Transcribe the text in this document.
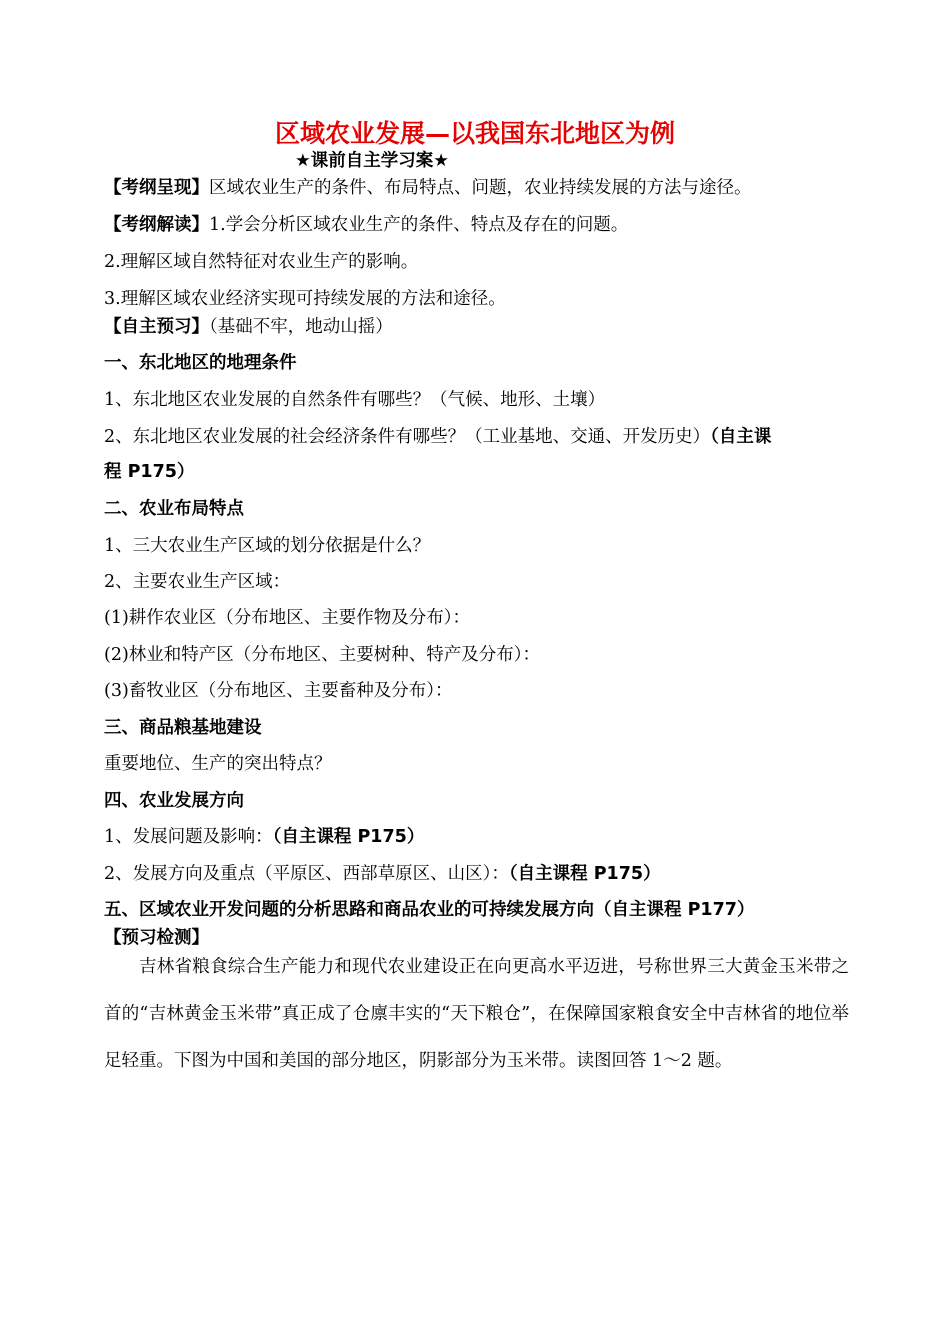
区域农业发展—以我国东北地区为例
★课前自主学习案★
【考纲呈现】区域农业生产的条件、布局特点、问题，农业持续发展的方法与途径。
【考纲解读】1.学会分析区域农业生产的条件、特点及存在的问题。
2.理解区域自然特征对农业生产的影响。
3.理解区域农业经济实现可持续发展的方法和途径。
【自主预习】（基础不牢，地动山摇）
一、东北地区的地理条件
1、东北地区农业发展的自然条件有哪些？（气候、地形、土壤）
2、东北地区农业发展的社会经济条件有哪些？（工业基地、交通、开发历史）（自主课
程 P175）
二、农业布局特点
1、三大农业生产区域的划分依据是什么？
2、主要农业生产区域：
(1)耕作农业区（分布地区、主要作物及分布）：
(2)林业和特产区（分布地区、主要树种、特产及分布）：
(3)畜牧业区（分布地区、主要畜种及分布）：
三、商品粮基地建设
重要地位、生产的突出特点？
四、农业发展方向
1、发展问题及影响：（自主课程 P175）
2、发展方向及重点（平原区、西部草原区、山区）：（自主课程 P175）
五、区域农业开发问题的分析思路和商品农业的可持续发展方向（自主课程 P177）
【预习检测】
吉林省粮食综合生产能力和现代农业建设正在向更高水平迈进，号称世界三大黄金玉米带之首的“吉林黄金玉米带”真正成了仓廪丰实的“天下粮仓”，在保障国家粮食安全中吉林省的地位举足轻重。下图为中国和美国的部分地区，阴影部分为玉米带。读图回答 1～2 题。
